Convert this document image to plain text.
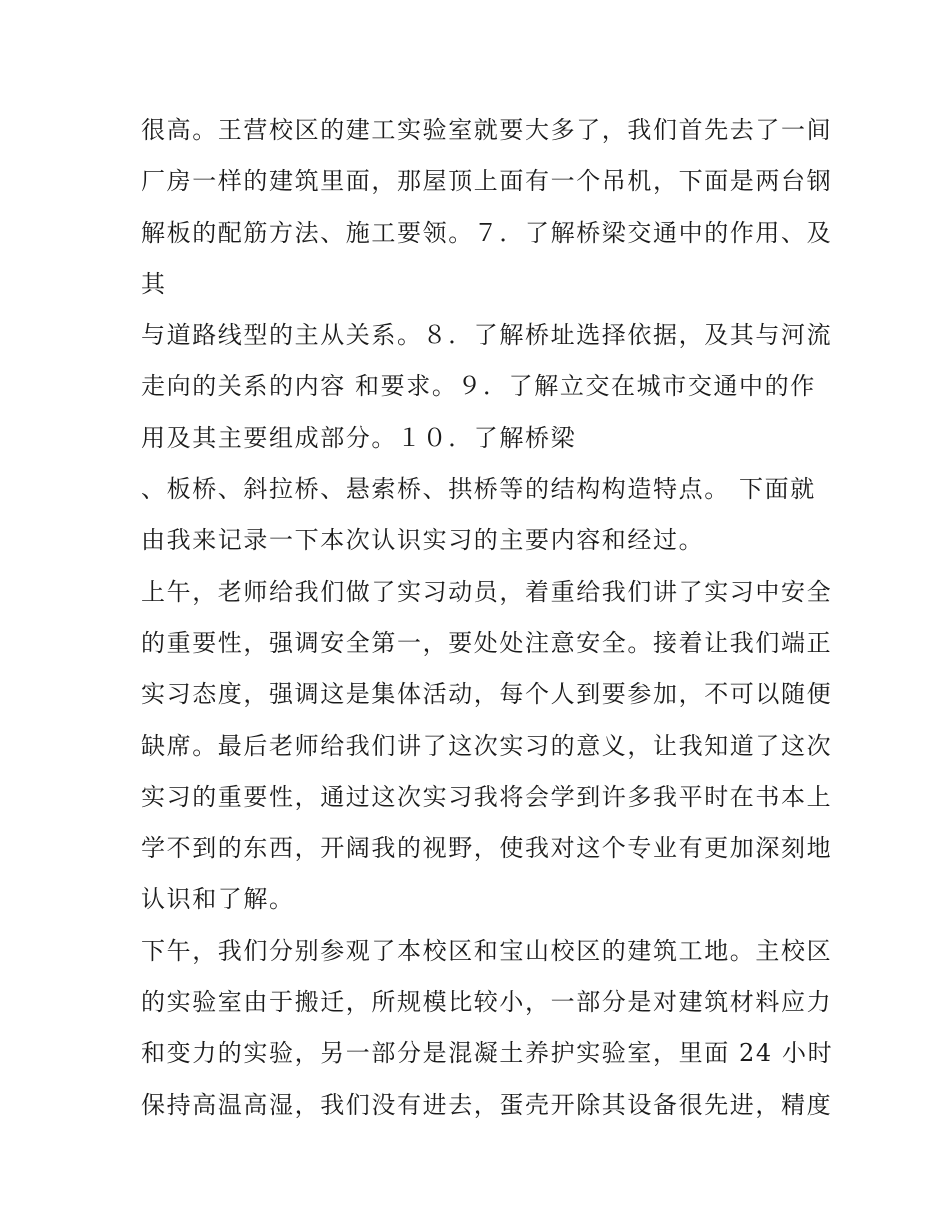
很高。王营校区的建工实验室就要大多了，我们首先去了一间
厂房一样的建筑里面，那屋顶上面有一个吊机，下面是两台钢
解板的配筋方法、施工要领。７．了解桥梁交通中的作用、及
其
与道路线型的主从关系。８．了解桥址选择依据，及其与河流
走向的关系的内容 和要求。９．了解立交在城市交通中的作
用及其主要组成部分。１０．了解桥梁
、板桥、斜拉桥、悬索桥、拱桥等的结构构造特点。 下面就
由我来记录一下本次认识实习的主要内容和经过。
上午，老师给我们做了实习动员，着重给我们讲了实习中安全
的重要性，强调安全第一，要处处注意安全。接着让我们端正
实习态度，强调这是集体活动，每个人到要参加，不可以随便
缺席。最后老师给我们讲了这次实习的意义，让我知道了这次
实习的重要性，通过这次实习我将会学到许多我平时在书本上
学不到的东西，开阔我的视野，使我对这个专业有更加深刻地
认识和了解。
下午，我们分别参观了本校区和宝山校区的建筑工地。主校区
的实验室由于搬迁，所规模比较小，一部分是对建筑材料应力
和变力的实验，另一部分是混凝土养护实验室，里面 24 小时
保持高温高湿，我们没有进去，蛋壳开除其设备很先进，精度
